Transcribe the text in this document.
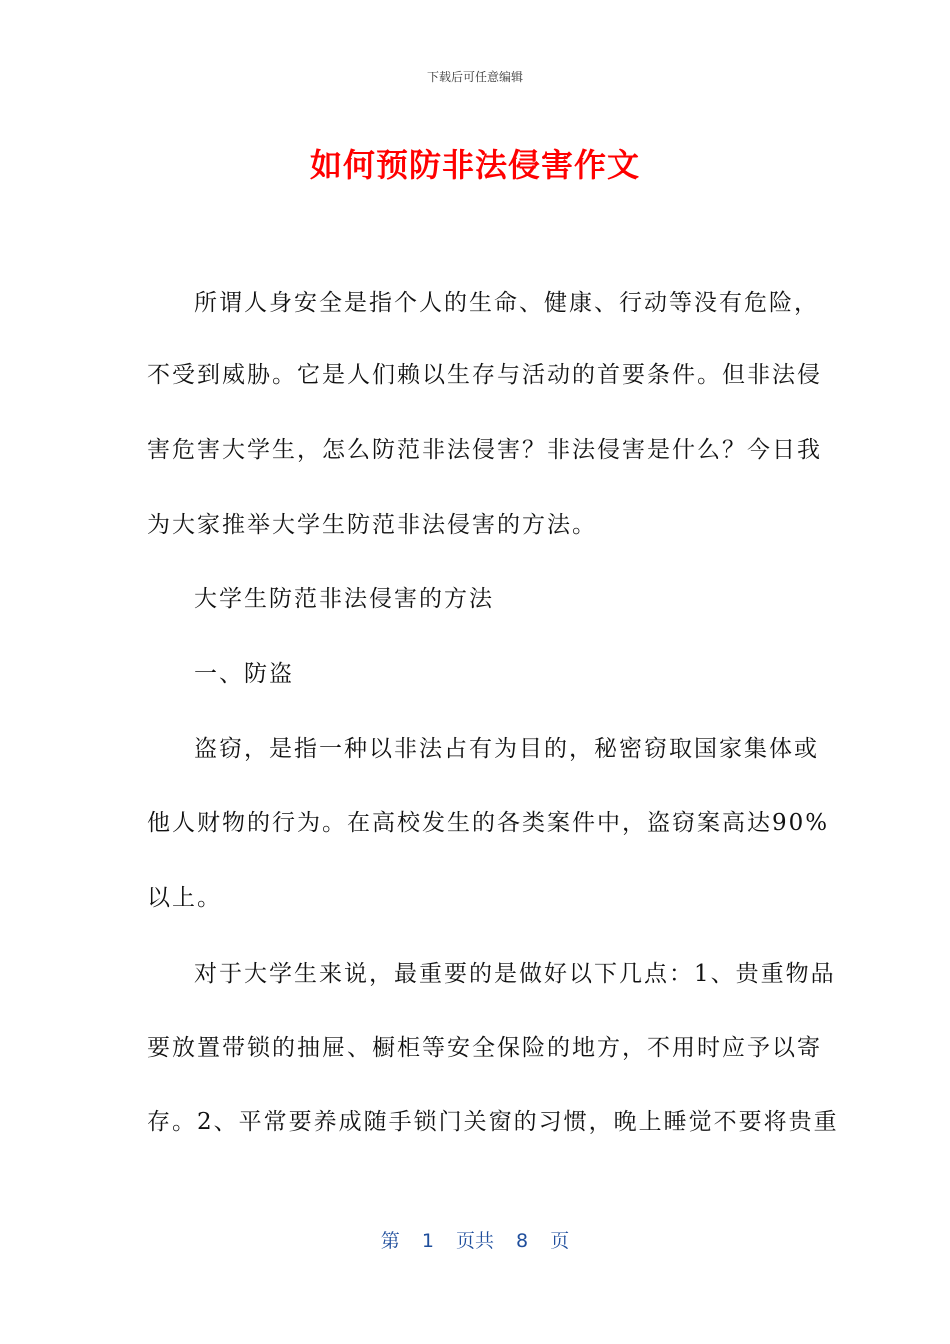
下载后可任意编辑
如何预防非法侵害作文
所谓人身安全是指个人的生命、健康、行动等没有危险，
不受到威胁。它是人们赖以生存与活动的首要条件。但非法侵
害危害大学生，怎么防范非法侵害？非法侵害是什么？今日我
为大家推举大学生防范非法侵害的方法。
大学生防范非法侵害的方法
一、防盗
盗窃，是指一种以非法占有为目的，秘密窃取国家集体或
他人财物的行为。在高校发生的各类案件中，盗窃案高达90%
以上。
对于大学生来说，最重要的是做好以下几点：1、贵重物品
要放置带锁的抽屉、橱柜等安全保险的地方，不用时应予以寄
存。2、平常要养成随手锁门关窗的习惯，晚上睡觉不要将贵重
第 1 页共 8 页
